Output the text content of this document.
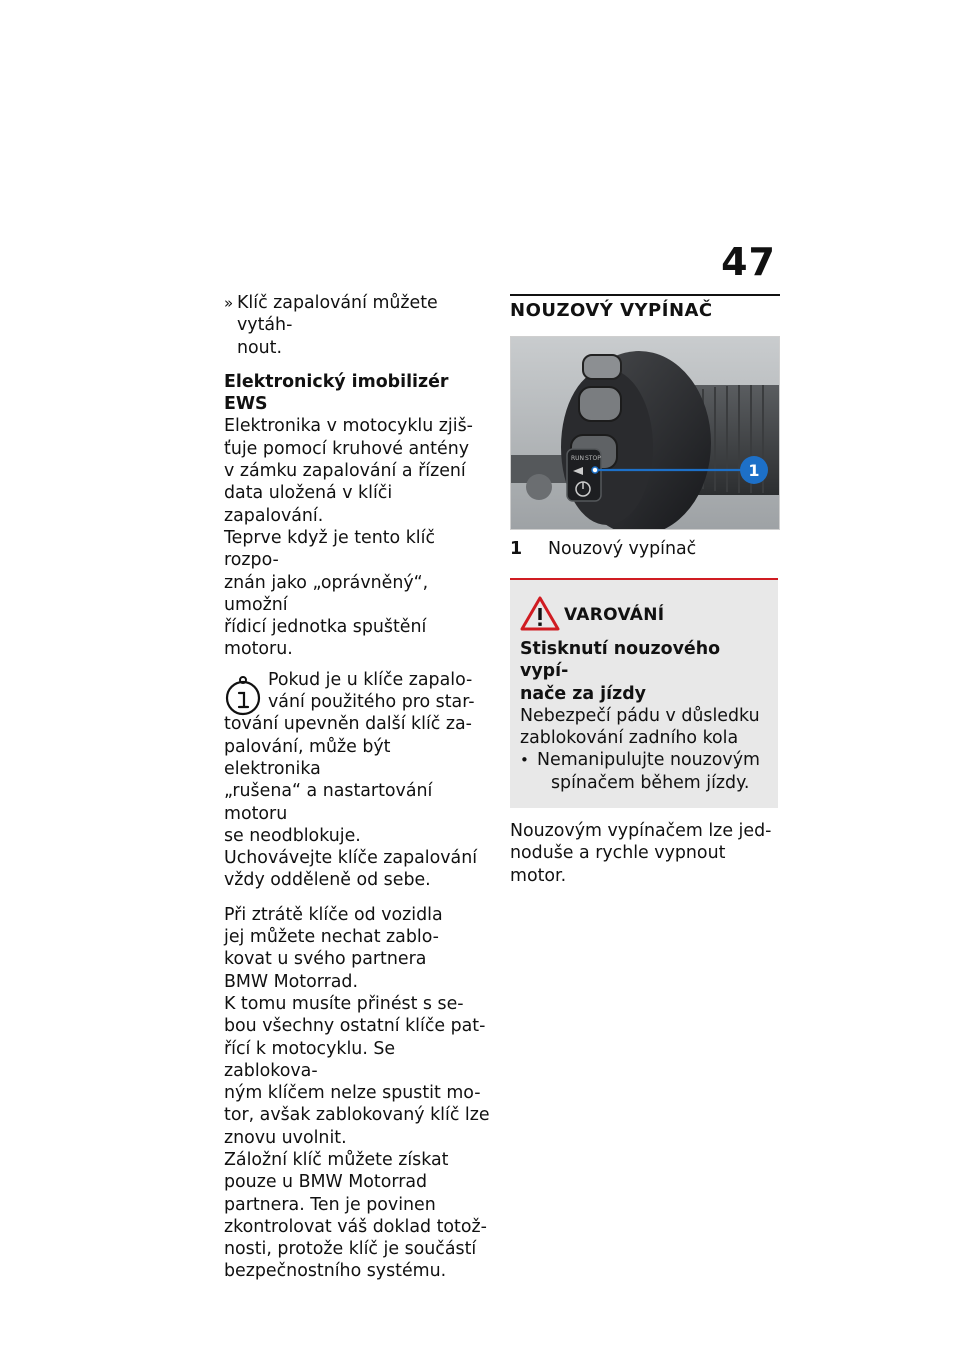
47
» Klíč zapalování můžete vytáh-

nout.

Elektronický imobilizér EWS

Elektronika v motocyklu zjiš-

ťuje pomocí kruhové antény

v zámku zapalování a řízení

data uložená v klíči zapalování.

Teprve když je tento klíč rozpo-

znán jako „oprávněný“, umožní

řídicí jednotka spuštění motoru.

Pokud je u klíče zapalo-

vání použitého pro star-

tování upevněn další klíč za-

palování, může být elektronika

„rušena“ a nastartování motoru

se neodblokuje.

Uchovávejte klíče zapalování

vždy odděleně od sebe.

Při ztrátě klíče od vozidla

jej můžete nechat zablo-

kovat u svého partnera

BMW Motorrad.

K tomu musíte přinést s se-

bou všechny ostatní klíče pat-

řící k motocyklu. Se zablokova-

ným klíčem nelze spustit mo-

tor, avšak zablokovaný klíč lze

znovu uvolnit.

Záložní klíč můžete získat

pouze u BMW Motorrad

partnera. Ten je povinen

zkontrolovat váš doklad totož-

nosti, protože klíč je součástí

bezpečnostního systému.

NOUZOVÝ VYPÍNAČ
RUN STOP
1
1 Nouzový vypínač
VAROVÁNÍ

Stisknutí nouzového vypí-

nače za jízdy

Nebezpečí pádu v důsledku

zablokování zadního kola

• Nemanipulujte nouzovým

spínačem během jízdy.

Nouzovým vypínačem lze jed-

noduše a rychle vypnout motor.
